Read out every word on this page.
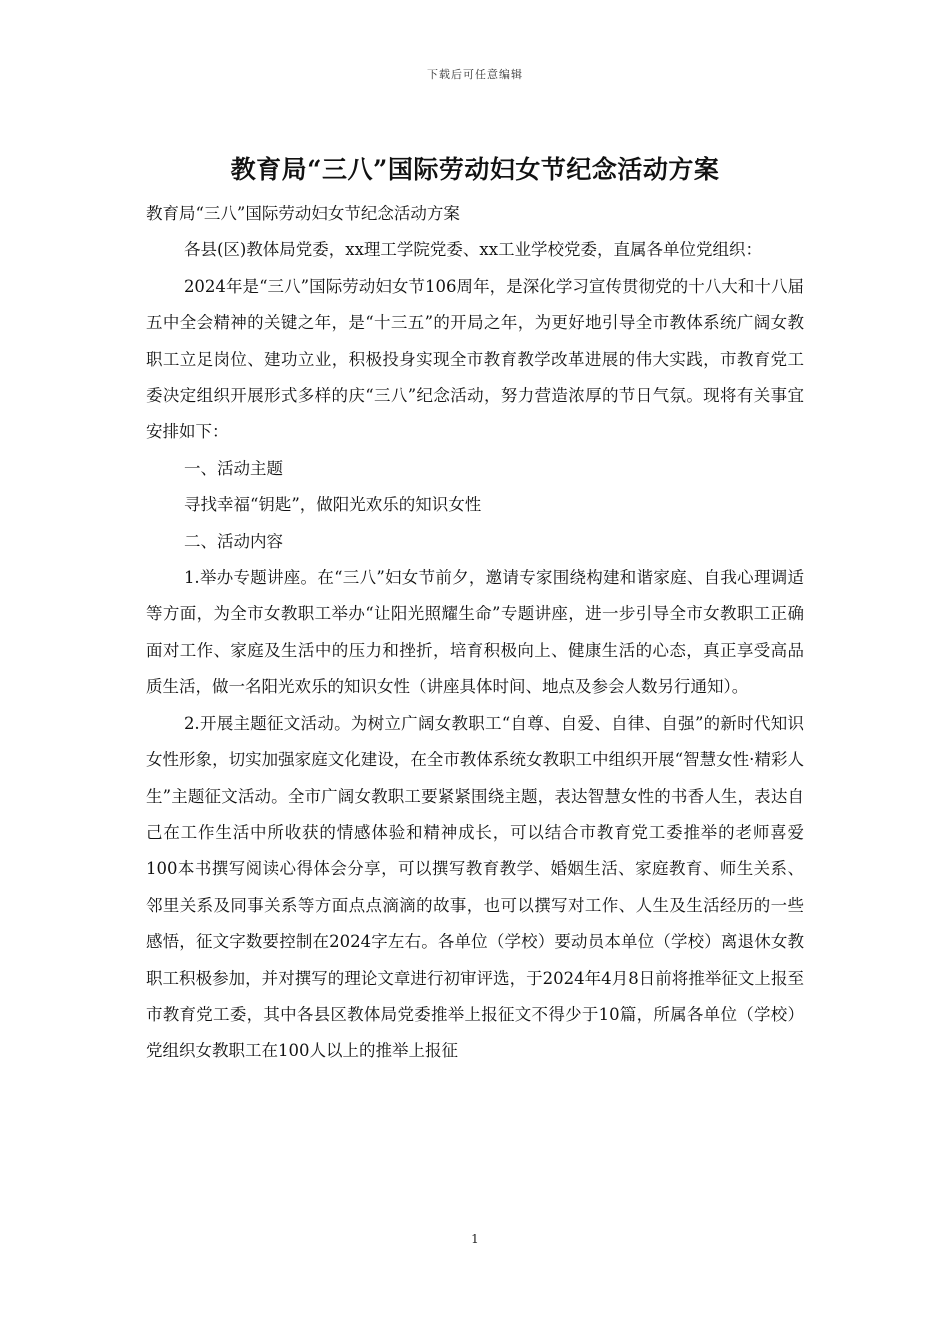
下载后可任意编辑
教育局“三八”国际劳动妇女节纪念活动方案

教育局“三八”国际劳动妇女节纪念活动方案

各县(区)教体局党委，xx理工学院党委、xx工业学校党委，直属各单位党组织：

2024年是“三八”国际劳动妇女节106周年，是深化学习宣传贯彻党的十八大和十八届五中全会精神的关键之年，是“十三五”的开局之年，为更好地引导全市教体系统广阔女教职工立足岗位、建功立业，积极投身实现全市教育教学改革进展的伟大实践，市教育党工委决定组织开展形式多样的庆“三八”纪念活动，努力营造浓厚的节日气氛。现将有关事宜安排如下：

一、活动主题

寻找幸福“钥匙”，做阳光欢乐的知识女性

二、活动内容

1.举办专题讲座。在“三八”妇女节前夕，邀请专家围绕构建和谐家庭、自我心理调适等方面，为全市女教职工举办“让阳光照耀生命”专题讲座，进一步引导全市女教职工正确面对工作、家庭及生活中的压力和挫折，培育积极向上、健康生活的心态，真正享受高品质生活，做一名阳光欢乐的知识女性（讲座具体时间、地点及参会人数另行通知）。

2.开展主题征文活动。为树立广阔女教职工“自尊、自爱、自律、自强”的新时代知识女性形象，切实加强家庭文化建设，在全市教体系统女教职工中组织开展“智慧女性·精彩人生”主题征文活动。全市广阔女教职工要紧紧围绕主题，表达智慧女性的书香人生，表达自己在工作生活中所收获的情感体验和精神成长，可以结合市教育党工委推举的老师喜爱100本书撰写阅读心得体会分享，可以撰写教育教学、婚姻生活、家庭教育、师生关系、邻里关系及同事关系等方面点点滴滴的故事，也可以撰写对工作、人生及生活经历的一些感悟，征文字数要控制在2024字左右。各单位（学校）要动员本单位（学校）离退休女教职工积极参加，并对撰写的理论文章进行初审评选，于2024年4月8日前将推举征文上报至市教育党工委，其中各县区教体局党委推举上报征文不得少于10篇，所属各单位（学校）党组织女教职工在100人以上的推举上报征

1
